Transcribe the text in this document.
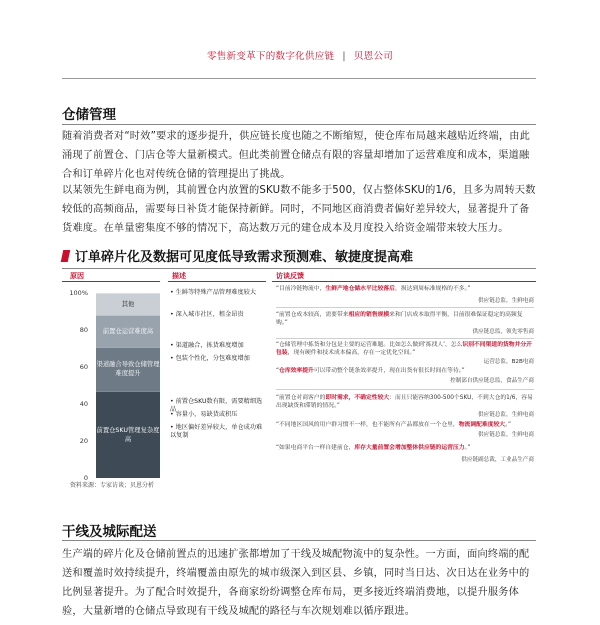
零售新变革下的数字化供应链 | 贝恩公司
仓储管理

随着消费者对“时效”要求的逐步提升，供应链长度也随之不断缩短，使仓库布局越来越贴近终端，由此涌现了前置仓、门店仓等大量新模式。但此类前置仓储点有限的容量却增加了运营难度和成本，渠道融合和订单碎片化也对传统仓储的管理提出了挑战。

以某领先生鲜电商为例，其前置仓内放置的SKU数不能多于500，仅占整体SKU的1/6，且多为周转天数较低的高频商品，需要每日补货才能保持新鲜。同时，不同地区商消费者偏好差异较大，显著提升了备货难度。在单量密集度不够的情况下，高达数万元的建仓成本及月度投入给资金端带来较大压力。

订单碎片化及数据可见度低导致需求预测难、敏捷度提高难
原因	描述	访谈反馈
100%
80
60
40
20
0
前置仓SKU管理复杂度高
渠道融合导致仓储管理难度提升
前置仓运营难度高
其他
• 生鲜等特殊产品管理难度较大
• 深入城市社区，租金昂贵
• 渠道融合，拣货难度增加
• 包装个性化，分包难度增加
• 前置仓SKU数有限，需要精细选品
• 容量小，易缺货或积压
• 地区偏好差异较大，单仓成功难以复制
“目前冷链物流中，生鲜产地仓储水平比较落后，损达到周标准规格的不多。”
供应链总监，生鲜电商
“前置仓成本较高，需要带来相应的销售规模来和门店成本取得平衡，目前很难保证稳定的高频复购。”
供应链总监，领先零售商
“仓储管理中拣货和分包是主要的运营难题。比如怎么做到‘拣找人’，怎么识别不同渠道的货物并分开包装，现有硬件和技术成本偏高，存在一定优化空间。”
运营总监，B2B电商
“仓库效率提升可以带动整个链条效率提升，现在出货有很长时间在等待。”
控制部自供应链总监，食品生产商
“前置仓对商客户的即时需求，不确定性较大：而且只能容纳300-500个SKU，不到大仓的1/6，容易出现缺货和滞销的情况。”
供应链总监，生鲜电商
“不同地区国风的用户群习惯不一样，也不能所有产品都放在一个仓里，物流调配难度较大。”
供应链总监，生鲜电商
“如果电商平台一样自建前仓，库存大量前置会增加整体供应链的运营压力。”
供应链副总裁，工业品生产商
资料来源：专家访谈；贝恩分析
干线及城际配送

生产端的碎片化及仓储前置点的迅速扩张都增加了干线及城配物流中的复杂性。一方面，面向终端的配送和覆盖时效持续提升，终端覆盖由原先的城市级深入到区县、乡镇，同时当日达、次日达在业务中的比例显著提升。为了配合时效提升，各商家纷纷调整仓库布局，更多接近终端消费地，以提升服务体验，大量新增的仓储点导致现有干线及城配的路径与车次规划难以循序跟进。
